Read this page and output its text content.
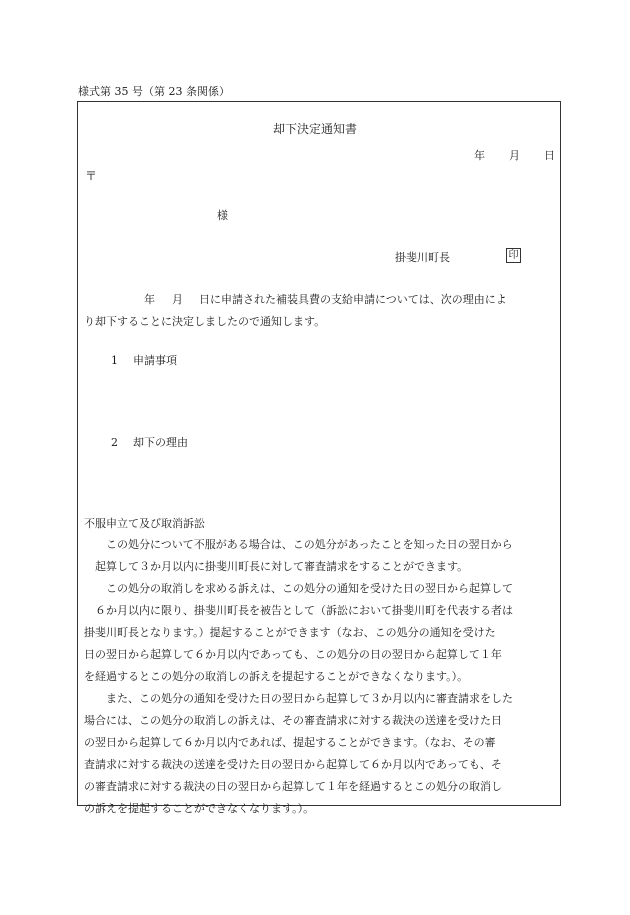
様式第 35 号（第 23 条関係）
却下決定通知書
年 月 日
〒
様
掛斐川町長	印
年 月 日に申請された補装具費の支給申請については、次の理由によ
り却下することに決定しましたので通知します。
1 申請事項
2 却下の理由
不服申立て及び取消訴訟
この処分について不服がある場合は、この処分があったことを知った日の翌日から
起算して３か月以内に掛斐川町長に対して審査請求をすることができます。
この処分の取消しを求める訴えは、この処分の通知を受けた日の翌日から起算して
６か月以内に限り、掛斐川町長を被告として（訴訟において掛斐川町を代表する者は
掛斐川町長となります。）提起することができます（なお、この処分の通知を受けた
日の翌日から起算して６か月以内であっても、この処分の日の翌日から起算して１年
を経過するとこの処分の取消しの訴えを提起することができなくなります。）。
また、この処分の通知を受けた日の翌日から起算して３か月以内に審査請求をした
場合には、この処分の取消しの訴えは、その審査請求に対する裁決の送達を受けた日
の翌日から起算して６か月以内であれば、提起することができます。（なお、その審
査請求に対する裁決の送達を受けた日の翌日から起算して６か月以内であっても、そ
の審査請求に対する裁決の日の翌日から起算して１年を経過するとこの処分の取消し
の訴えを提起することができなくなります。）。
